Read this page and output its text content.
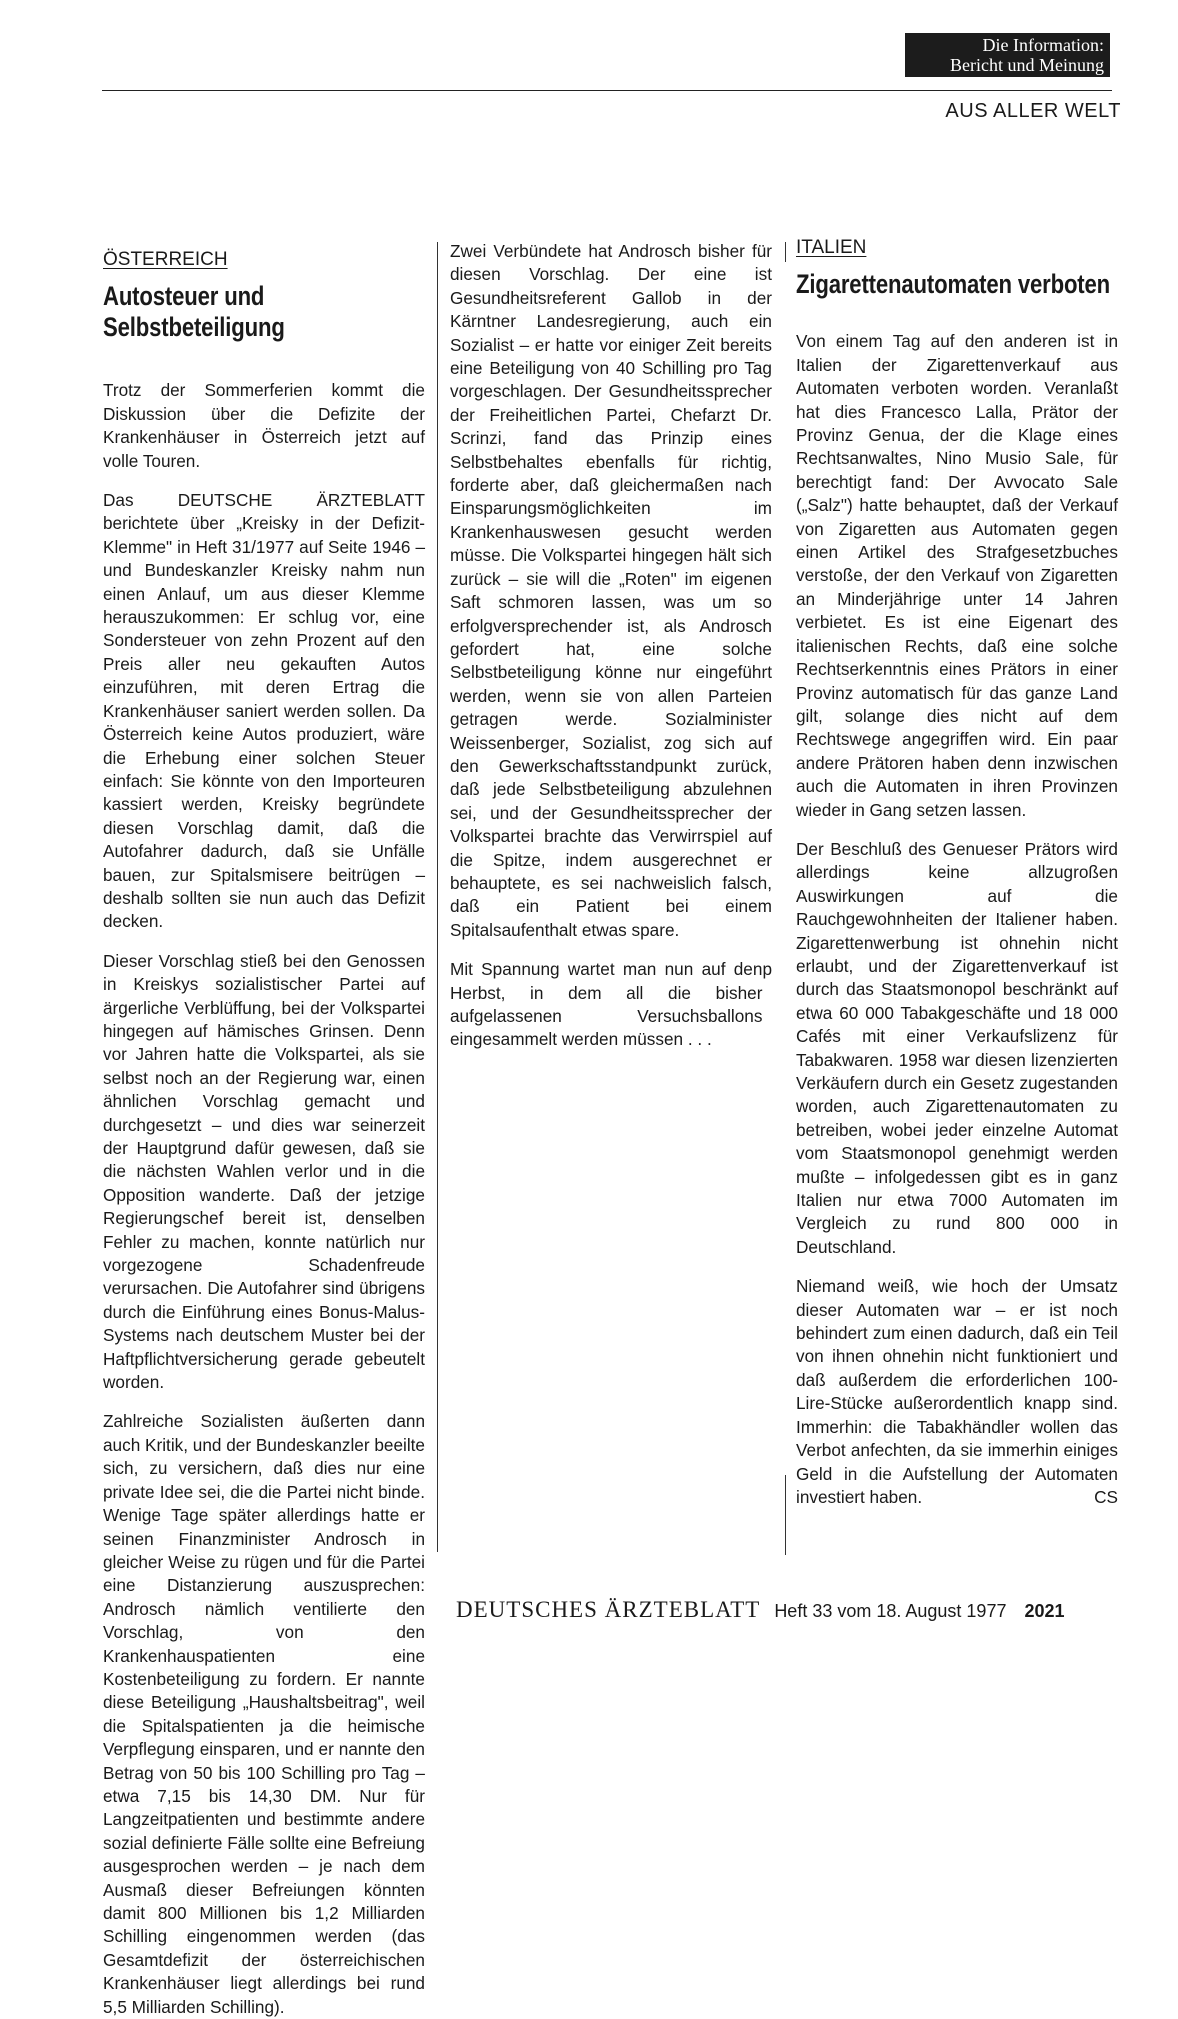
Die Information:
Bericht und Meinung
AUS ALLER WELT
ÖSTERREICH
Autosteuer und Selbstbeteiligung

Trotz der Sommerferien kommt die Diskussion über die Defizite der Krankenhäuser in Österreich jetzt auf volle Touren.

Das DEUTSCHE ÄRZTEBLATT berichtete über „Kreisky in der Defizit-Klemme" in Heft 31/1977 auf Seite 1946 – und Bundeskanzler Kreisky nahm nun einen Anlauf, um aus dieser Klemme herauszukommen: Er schlug vor, eine Sondersteuer von zehn Prozent auf den Preis aller neu gekauften Autos einzuführen, mit deren Ertrag die Krankenhäuser saniert werden sollen. Da Österreich keine Autos produziert, wäre die Erhebung einer solchen Steuer einfach: Sie könnte von den Importeuren kassiert werden, Kreisky begründete diesen Vorschlag damit, daß die Autofahrer dadurch, daß sie Unfälle bauen, zur Spitalsmisere beitrügen – deshalb sollten sie nun auch das Defizit decken.

Dieser Vorschlag stieß bei den Genossen in Kreiskys sozialistischer Partei auf ärgerliche Verblüffung, bei der Volkspartei hingegen auf hämisches Grinsen. Denn vor Jahren hatte die Volkspartei, als sie selbst noch an der Regierung war, einen ähnlichen Vorschlag gemacht und durchgesetzt – und dies war seinerzeit der Hauptgrund dafür gewesen, daß sie die nächsten Wahlen verlor und in die Opposition wanderte. Daß der jetzige Regierungschef bereit ist, denselben Fehler zu machen, konnte natürlich nur vorgezogene Schadenfreude verursachen. Die Autofahrer sind übrigens durch die Einführung eines Bonus-Malus-Systems nach deutschem Muster bei der Haftpflichtversicherung gerade gebeutelt worden.

Zahlreiche Sozialisten äußerten dann auch Kritik, und der Bundeskanzler beeilte sich, zu versichern, daß dies nur eine private Idee sei, die die Partei nicht binde. Wenige Tage später allerdings hatte er seinen Finanzminister Androsch in gleicher Weise zu rügen und für die Partei eine Distanzierung auszusprechen: Androsch nämlich ventilierte den Vorschlag, von den Krankenhauspatienten eine Kostenbeteiligung zu fordern. Er nannte diese Beteiligung „Haushaltsbeitrag", weil die Spitalspatienten ja die heimische Verpflegung einsparen, und er nannte den Betrag von 50 bis 100 Schilling pro Tag – etwa 7,15 bis 14,30 DM. Nur für Langzeitpatienten und bestimmte andere sozial definierte Fälle sollte eine Befreiung ausgesprochen werden – je nach dem Ausmaß dieser Befreiungen könnten damit 800 Millionen bis 1,2 Milliarden Schilling eingenommen werden (das Gesamtdefizit der österreichischen Krankenhäuser liegt allerdings bei rund 5,5 Milliarden Schilling).

Zwei Verbündete hat Androsch bisher für diesen Vorschlag. Der eine ist Gesundheitsreferent Gallob in der Kärntner Landesregierung, auch ein Sozialist – er hatte vor einiger Zeit bereits eine Beteiligung von 40 Schilling pro Tag vorgeschlagen. Der Gesundheitssprecher der Freiheitlichen Partei, Chefarzt Dr. Scrinzi, fand das Prinzip eines Selbstbehaltes ebenfalls für richtig, forderte aber, daß gleichermaßen nach Einsparungsmöglichkeiten im Krankenhauswesen gesucht werden müsse. Die Volkspartei hingegen hält sich zurück – sie will die „Roten" im eigenen Saft schmoren lassen, was um so erfolgversprechender ist, als Androsch gefordert hat, eine solche Selbstbeteiligung könne nur eingeführt werden, wenn sie von allen Parteien getragen werde. Sozialminister Weissenberger, Sozialist, zog sich auf den Gewerkschaftsstandpunkt zurück, daß jede Selbstbeteiligung abzulehnen sei, und der Gesundheitssprecher der Volkspartei brachte das Verwirrspiel auf die Spitze, indem ausgerechnet er behauptete, es sei nachweislich falsch, daß ein Patient bei einem Spitalsaufenthalt etwas spare.

Mit Spannung wartet man nun auf den Herbst, in dem all die bisher aufgelassenen Versuchsballons eingesammelt werden müssen . . .
p

ITALIEN
Zigarettenautomaten verboten

Von einem Tag auf den anderen ist in Italien der Zigarettenverkauf aus Automaten verboten worden. Veranlaßt hat dies Francesco Lalla, Prätor der Provinz Genua, der die Klage eines Rechtsanwaltes, Nino Musio Sale, für berechtigt fand: Der Avvocato Sale („Salz") hatte behauptet, daß der Verkauf von Zigaretten aus Automaten gegen einen Artikel des Strafgesetzbuches verstoße, der den Verkauf von Zigaretten an Minderjährige unter 14 Jahren verbietet. Es ist eine Eigenart des italienischen Rechts, daß eine solche Rechtserkenntnis eines Prätors in einer Provinz automatisch für das ganze Land gilt, solange dies nicht auf dem Rechtswege angegriffen wird. Ein paar andere Prätoren haben denn inzwischen auch die Automaten in ihren Provinzen wieder in Gang setzen lassen.

Der Beschluß des Genueser Prätors wird allerdings keine allzugroßen Auswirkungen auf die Rauchgewohnheiten der Italiener haben. Zigarettenwerbung ist ohnehin nicht erlaubt, und der Zigarettenverkauf ist durch das Staatsmonopol beschränkt auf etwa 60 000 Tabakgeschäfte und 18 000 Cafés mit einer Verkaufslizenz für Tabakwaren. 1958 war diesen lizenzierten Verkäufern durch ein Gesetz zugestanden worden, auch Zigarettenautomaten zu betreiben, wobei jeder einzelne Automat vom Staatsmonopol genehmigt werden mußte – infolgedessen gibt es in ganz Italien nur etwa 7000 Automaten im Vergleich zu rund 800 000 in Deutschland.

Niemand weiß, wie hoch der Umsatz dieser Automaten war – er ist noch behindert zum einen dadurch, daß ein Teil von ihnen ohnehin nicht funktioniert und daß außerdem die erforderlichen 100-Lire-Stücke außerordentlich knapp sind. Immerhin: die Tabakhändler wollen das Verbot anfechten, da sie immerhin einiges Geld in die Aufstellung der Automaten investiert haben.	CS

DEUTSCHES ÄRZTEBLATT Heft 33 vom 18. August 1977 2021
